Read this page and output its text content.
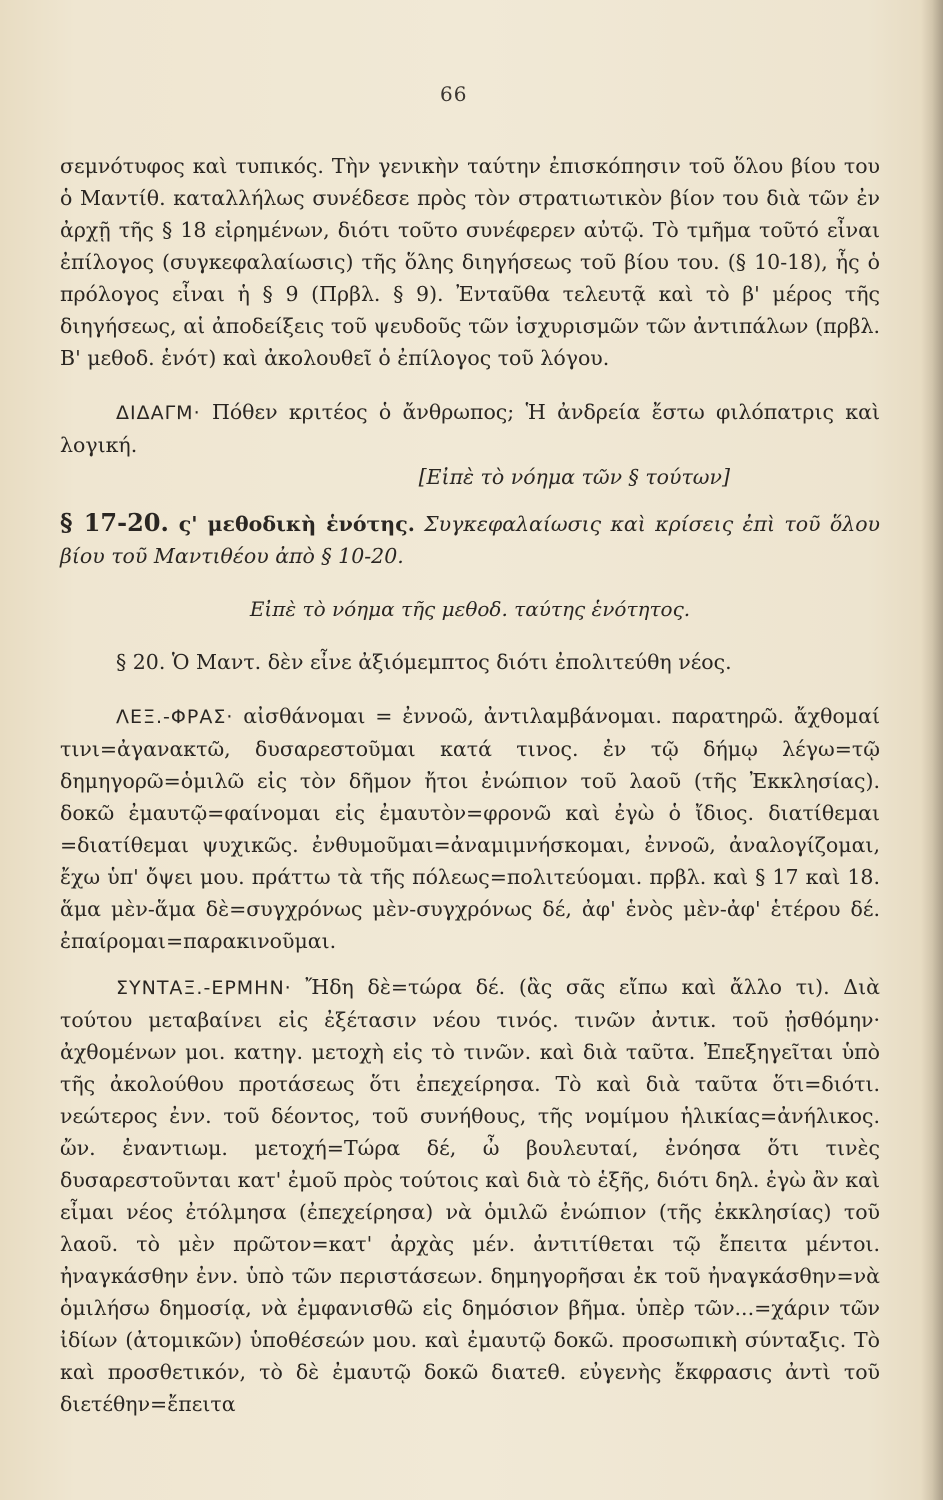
66

σεμνότυφος καὶ τυπικός. Τὴν γενικὴν ταύτην ἐπισκόπησιν τοῦ ὅλου βίου του ὁ Μαντίθ. καταλλήλως συνέδεσε πρὸς τὸν στρατιωτικὸν βίον του διὰ τῶν ἐν ἀρχῇ τῆς § 18 εἰρημένων, διότι τοῦτο συνέφερεν αὐτῷ. Τὸ τμῆμα τοῦτό εἶναι ἐπίλογος (συγκεφαλαίωσις) τῆς ὅλης διηγήσεως τοῦ βίου του. (§ 10-18), ἧς ὁ πρόλογος εἶναι ἡ § 9 (Πρβλ. § 9). Ἐνταῦθα τελευτᾷ καὶ τὸ β' μέρος τῆς διηγήσεως, αἱ ἀποδείξεις τοῦ ψευδοῦς τῶν ἰσχυρισμῶν τῶν ἀντιπάλων (πρβλ. Β' μεθοδ. ἑνότ) καὶ ἀκολουθεῖ ὁ ἐπίλογος τοῦ λόγου.

ΔΙΔΑΓΜ· Πόθεν κριτέος ὁ ἄνθρωπος; Ἡ ἀνδρεία ἔστω φιλόπατρις καὶ λογική.

[Εἰπὲ τὸ νόημα τῶν § τούτων]

§ 17-20. ς' μεθοδικὴ ἑνότης. Συγκεφαλαίωσις καὶ κρίσεις ἐπὶ τοῦ ὅλου βίου τοῦ Μαντιθέου ἀπὸ § 10-20.

Εἰπὲ τὸ νόημα τῆς μεθοδ. ταύτης ἑνότητος.

§ 20. Ὁ Μαντ. δὲν εἶνε ἀξιόμεμπτος διότι ἐπολιτεύθη νέος.

ΛΕΞ.-ΦΡΑΣ· αἰσθάνομαι = ἐννοῶ, ἀντιλαμβάνομαι. παρατηρῶ. ἄχθομαί τινι=ἀγανακτῶ, δυσαρεστοῦμαι κατά τινος. ἐν τῷ δήμῳ λέγω=τῷ δημηγορῶ=ὁμιλῶ εἰς τὸν δῆμον ἤτοι ἐνώπιον τοῦ λαοῦ (τῆς Ἐκκλησίας). δοκῶ ἐμαυτῷ=φαίνομαι εἰς ἐμαυτὸν=φρονῶ καὶ ἐγὼ ὁ ἴδιος. διατίθεμαι =διατίθεμαι ψυχικῶς. ἐνθυμοῦμαι=ἀναμιμνήσκομαι, ἐννοῶ, ἀναλογίζομαι, ἔχω ὑπ' ὄψει μου. πράττω τὰ τῆς πόλεως=πολιτεύομαι. πρβλ. καὶ § 17 καὶ 18. ἅμα μὲν-ἅμα δὲ=συγχρόνως μὲν-συγχρόνως δέ, ἀφ' ἑνὸς μὲν-ἀφ' ἑτέρου δέ. ἐπαίρομαι=παρακινοῦμαι.

ΣΥΝΤΑΞ.-ΕΡΜΗΝ· Ἤδη δὲ=τώρα δέ. (ἃς σᾶς εἴπω καὶ ἄλλο τι). Διὰ τούτου μεταβαίνει εἰς ἐξέτασιν νέου τινός. τινῶν ἀντικ. τοῦ ᾐσθόμην· ἀχθομένων μοι. κατηγ. μετοχὴ εἰς τὸ τινῶν. καὶ διὰ ταῦτα. Ἐπεξηγεῖται ὑπὸ τῆς ἀκολούθου προτάσεως ὅτι ἐπεχείρησα. Τὸ καὶ διὰ ταῦτα ὅτι=διότι. νεώτερος ἐνν. τοῦ δέοντος, τοῦ συνήθους, τῆς νομίμου ἡλικίας=ἀνήλικος. ὤν. ἐναντιωμ. μετοχή=Τώρα δέ, ὦ βουλευταί, ἐνόησα ὅτι τινὲς δυσαρεστοῦνται κατ' ἐμοῦ πρὸς τούτοις καὶ διὰ τὸ ἑξῆς, διότι δηλ. ἐγὼ ἂν καὶ εἶμαι νέος ἐτόλμησα (ἐπεχείρησα) νὰ ὁμιλῶ ἐνώπιον (τῆς ἐκκλησίας) τοῦ λαοῦ. τὸ μὲν πρῶτον=κατ' ἀρχὰς μέν. ἀντιτίθεται τῷ ἔπειτα μέντοι. ἠναγκάσθην ἐνν. ὑπὸ τῶν περιστάσεων. δημηγορῆσαι ἐκ τοῦ ἠναγκάσθην=νὰ ὁμιλήσω δημοσίᾳ, νὰ ἐμφανισθῶ εἰς δημόσιον βῆμα. ὑπὲρ τῶν...=χάριν τῶν ἰδίων (ἀτομικῶν) ὑποθέσεών μου. καὶ ἐμαυτῷ δοκῶ. προσωπικὴ σύνταξις. Τὸ καὶ προσθετικόν, τὸ δὲ ἐμαυτῷ δοκῶ διατεθ. εὐγενὴς ἔκφρασις ἀντὶ τοῦ διετέθην=ἔπειτα
